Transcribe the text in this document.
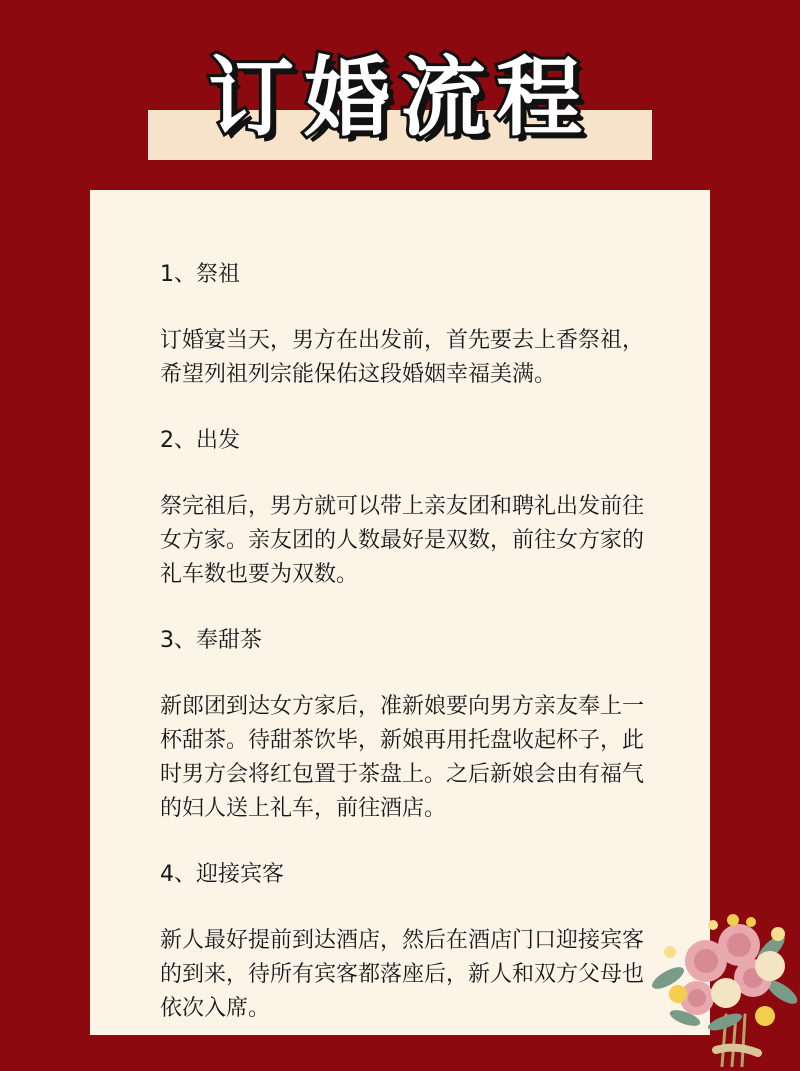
订婚流程
1、祭祖
订婚宴当天，男方在出发前，首先要去上香祭祖，希望列祖列宗能保佑这段婚姻幸福美满。
2、出发
祭完祖后，男方就可以带上亲友团和聘礼出发前往女方家。亲友团的人数最好是双数，前往女方家的礼车数也要为双数。
3、奉甜茶
新郎团到达女方家后，准新娘要向男方亲友奉上一杯甜茶。待甜茶饮毕，新娘再用托盘收起杯子，此时男方会将红包置于茶盘上。之后新娘会由有福气的妇人送上礼车，前往酒店。
4、迎接宾客
新人最好提前到达酒店，然后在酒店门口迎接宾客的到来，待所有宾客都落座后，新人和双方父母也依次入席。
